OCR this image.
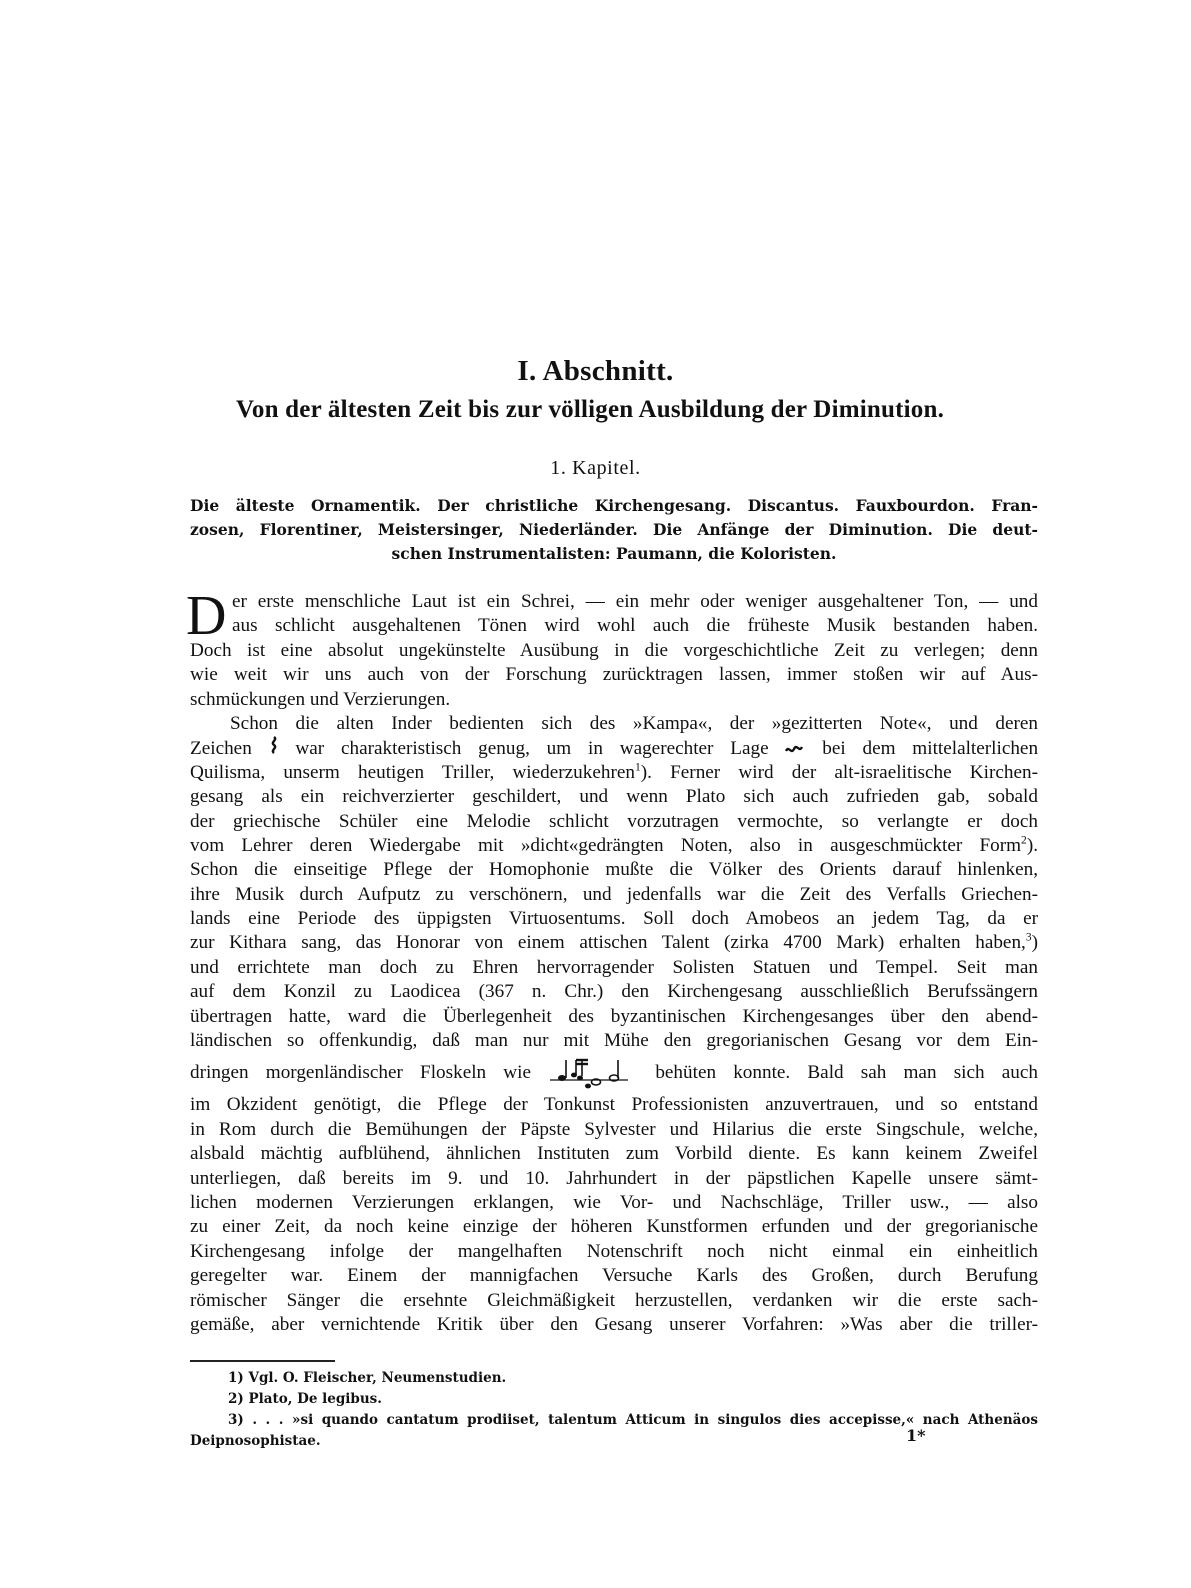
I. Abschnitt.
Von der ältesten Zeit bis zur völligen Ausbildung der Diminution.
1. Kapitel.
Die älteste Ornamentik. Der christliche Kirchengesang. Discantus. Fauxbourdon. Fran-
zosen, Florentiner, Meistersinger, Niederländer. Die Anfänge der Diminution. Die deut-
schen Instrumentalisten: Paumann, die Koloristen.
D er erste menschliche Laut ist ein Schrei, — ein mehr oder weniger ausgehaltener Ton, — und
aus schlicht ausgehaltenen Tönen wird wohl auch die früheste Musik bestanden haben.
Doch ist eine absolut ungekünstelte Ausübung in die vorgeschichtliche Zeit zu verlegen; denn
wie weit wir uns auch von der Forschung zurücktragen lassen, immer stoßen wir auf Aus-
schmückungen und Verzierungen.
Schon die alten Inder bedienten sich des »Kampa«, der »gezitterten Note«, und deren
Zeichen war charakteristisch genug, um in wagerechter Lage	bei dem mittelalterlichen
Quilisma, unserm heutigen Triller, wiederzukehren$^1$). Ferner wird der alt-israelitische Kirchen-
gesang als ein reichverzierter geschildert, und wenn Plato sich auch zufrieden gab, sobald
der griechische Schüler eine Melodie schlicht vorzutragen vermochte, so verlangte er doch
vom Lehrer deren Wiedergabe mit »dicht«gedrängten Noten, also in ausgeschmückter Form$^2$).
Schon die einseitige Pflege der Homophonie mußte die Völker des Orients darauf hinlenken,
ihre Musik durch Aufputz zu verschönern, und jedenfalls war die Zeit des Verfalls Griechen-
lands eine Periode des üppigsten Virtuosentums. Soll doch Amobeos an jedem Tag, da er
zur Kithara sang, das Honorar von einem attischen Talent (zirka 4700 Mark) erhalten haben,$^3$)
und errichtete man doch zu Ehren hervorragender Solisten Statuen und Tempel. Seit man
auf dem Konzil zu Laodicea (367 n. Chr.) den Kirchengesang ausschließlich Berufssängern
übertragen hatte, ward die Überlegenheit des byzantinischen Kirchengesanges über den abend-
ländischen so offenkundig, daß man nur mit Mühe den gregorianischen Gesang vor dem Ein-
dringen morgenländischer Floskeln wie	behüten konnte. Bald sah man sich auch
im Okzident genötigt, die Pflege der Tonkunst Professionisten anzuvertrauen, und so entstand
in Rom durch die Bemühungen der Päpste Sylvester und Hilarius die erste Singschule, welche,
alsbald mächtig aufblühend, ähnlichen Instituten zum Vorbild diente. Es kann keinem Zweifel
unterliegen, daß bereits im 9. und 10. Jahrhundert in der päpstlichen Kapelle unsere sämt-
lichen modernen Verzierungen erklangen, wie Vor- und Nachschläge, Triller usw., — also
zu einer Zeit, da noch keine einzige der höheren Kunstformen erfunden und der gregorianische
Kirchengesang infolge der mangelhaften Notenschrift noch nicht einmal ein einheitlich
geregelter war. Einem der mannigfachen Versuche Karls des Großen, durch Berufung
römischer Sänger die ersehnte Gleichmäßigkeit herzustellen, verdanken wir die erste sach-
gemäße, aber vernichtende Kritik über den Gesang unserer Vorfahren: »Was aber die triller-
1) Vgl. O. Fleischer, Neumenstudien.
2) Plato, De legibus.
3) . . . »si quando cantatum prodiiset, talentum Atticum in singulos dies accepisse,« nach Athenäos
Deipnosophistae.	1*
